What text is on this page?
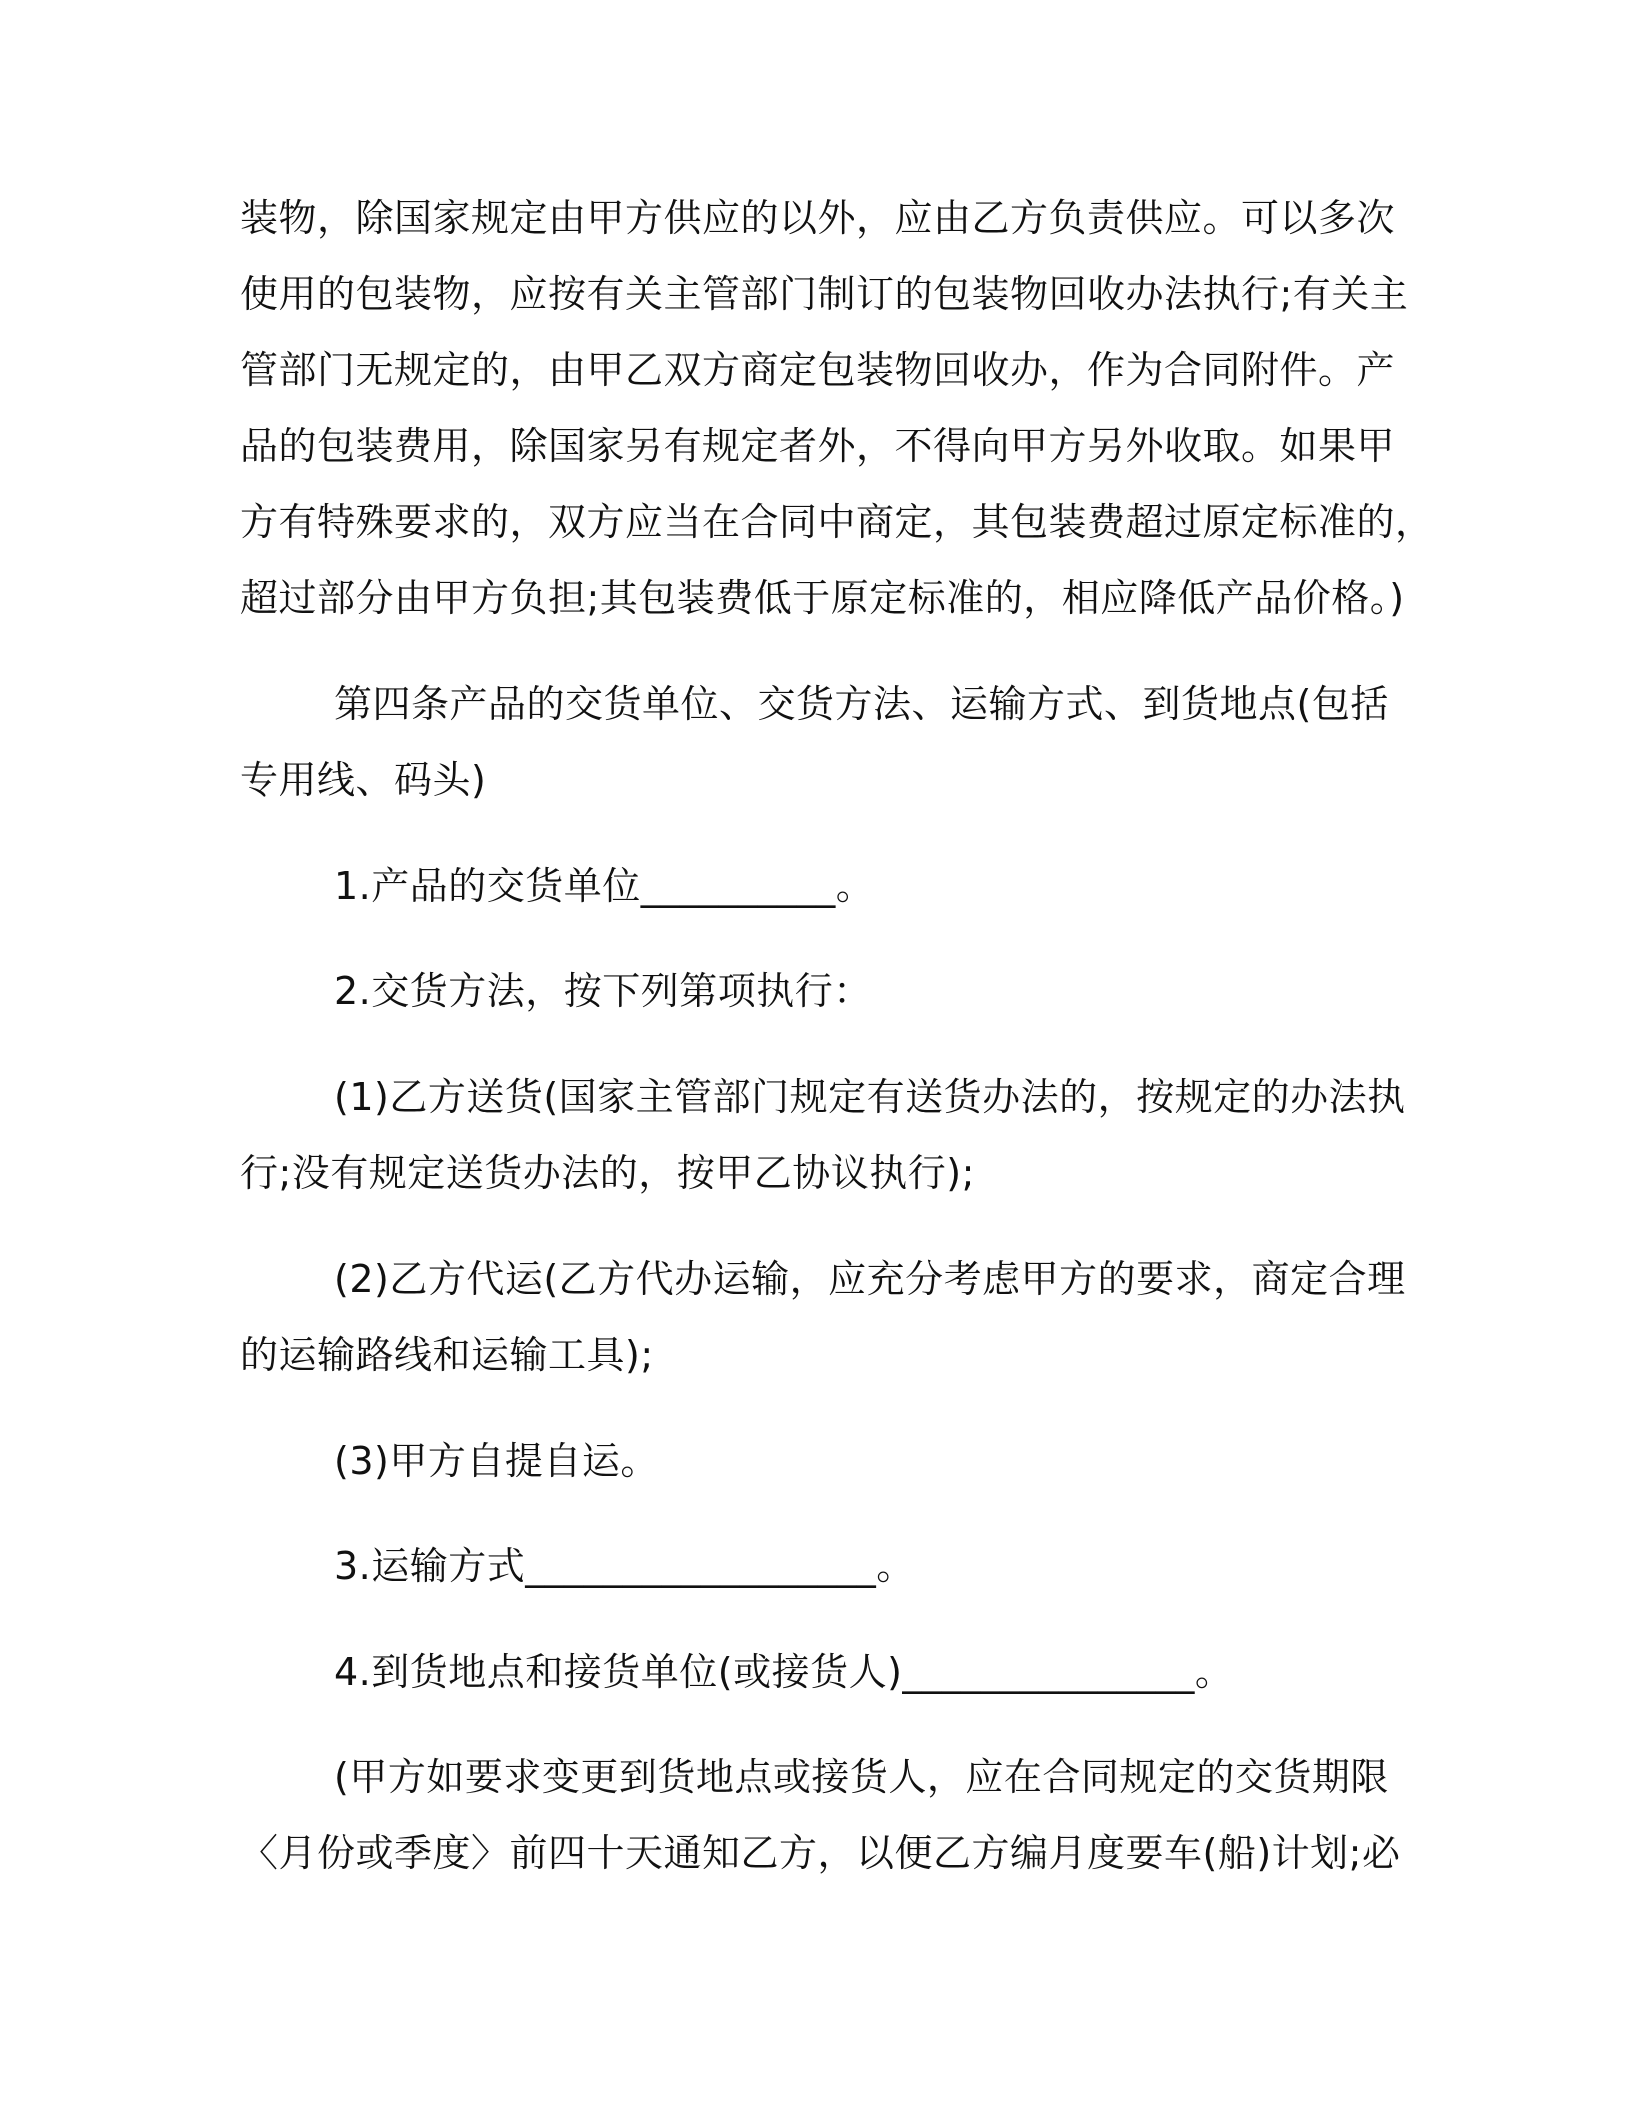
装物，除国家规定由甲方供应的以外，应由乙方负责供应。可以多次
使用的包装物，应按有关主管部门制订的包装物回收办法执行;有关主
管部门无规定的，由甲乙双方商定包装物回收办，作为合同附件。产
品的包装费用，除国家另有规定者外，不得向甲方另外收取。如果甲
方有特殊要求的，双方应当在合同中商定，其包装费超过原定标准的，
超过部分由甲方负担;其包装费低于原定标准的，相应降低产品价格。)
第四条产品的交货单位、交货方法、运输方式、到货地点(包括
专用线、码头)
1.产品的交货单位__________。
2.交货方法，按下列第项执行：
(1)乙方送货(国家主管部门规定有送货办法的，按规定的办法执
行;没有规定送货办法的，按甲乙协议执行);
(2)乙方代运(乙方代办运输，应充分考虑甲方的要求，商定合理
的运输路线和运输工具);
(3)甲方自提自运。
3.运输方式__________________。
4.到货地点和接货单位(或接货人)_______________。
(甲方如要求变更到货地点或接货人，应在合同规定的交货期限
〈月份或季度〉前四十天通知乙方，以便乙方编月度要车(船)计划;必
